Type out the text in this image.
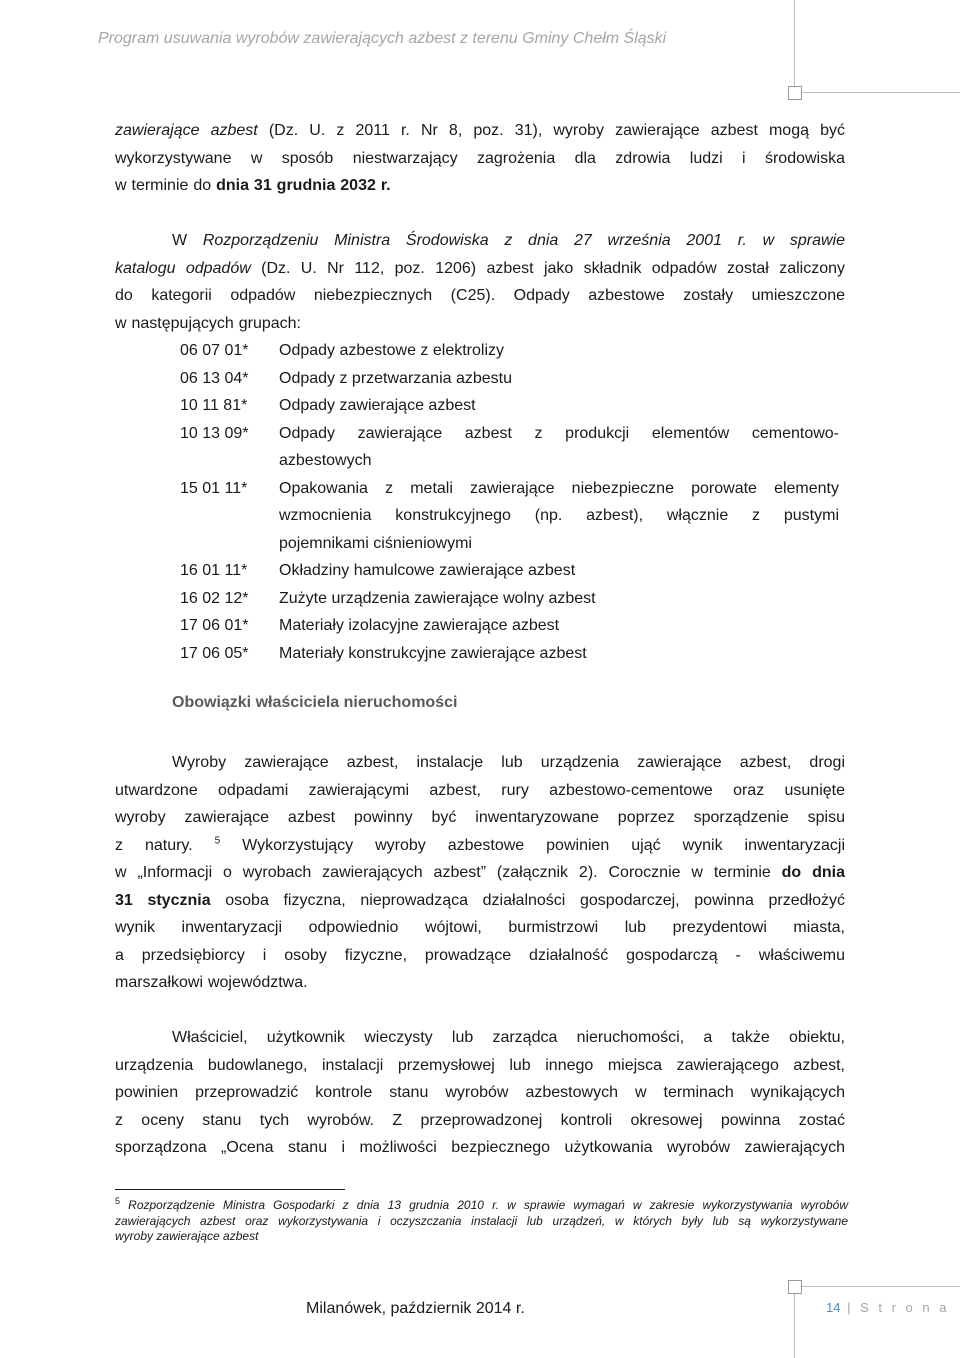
Program usuwania wyrobów zawierających azbest z terenu Gminy Chełm Śląski
zawierające azbest (Dz. U. z 2011 r. Nr 8, poz. 31), wyroby zawierające azbest mogą być
wykorzystywane w sposób niestwarzający zagrożenia dla zdrowia ludzi i środowiska
w terminie do dnia 31 grudnia 2032 r.
W Rozporządzeniu Ministra Środowiska z dnia 27 września 2001 r. w sprawie
katalogu odpadów (Dz. U. Nr 112, poz. 1206) azbest jako składnik odpadów został zaliczony
do kategorii odpadów niebezpiecznych (C25). Odpady azbestowe zostały umieszczone
w następujących grupach:
06 07 01* Odpady azbestowe z elektrolizy
06 13 04* Odpady z przetwarzania azbestu
10 11 81* Odpady zawierające azbest
10 13 09* Odpady zawierające azbest z produkcji elementów cementowo-
azbestowych
15 01 11* Opakowania z metali zawierające niebezpieczne porowate elementy
wzmocnienia konstrukcyjnego (np. azbest), włącznie z pustymi
pojemnikami ciśnieniowymi
16 01 11* Okładziny hamulcowe zawierające azbest
16 02 12* Zużyte urządzenia zawierające wolny azbest
17 06 01* Materiały izolacyjne zawierające azbest
17 06 05* Materiały konstrukcyjne zawierające azbest
Obowiązki właściciela nieruchomości
Wyroby zawierające azbest, instalacje lub urządzenia zawierające azbest, drogi
utwardzone odpadami zawierającymi azbest, rury azbestowo-cementowe oraz usunięte
wyroby zawierające azbest powinny być inwentaryzowane poprzez sporządzenie spisu
z natury. $^5$ Wykorzystujący wyroby azbestowe powinien ująć wynik inwentaryzacji
w „Informacji o wyrobach zawierających azbest” (załącznik 2). Corocznie w terminie do dnia
31 stycznia osoba fizyczna, nieprowadząca działalności gospodarczej, powinna przedłożyć
wynik inwentaryzacji odpowiednio wójtowi, burmistrzowi lub prezydentowi miasta,
a przedsiębiorcy i osoby fizyczne, prowadzące działalność gospodarczą - właściwemu
marszałkowi województwa.
Właściciel, użytkownik wieczysty lub zarządca nieruchomości, a także obiektu,
urządzenia budowlanego, instalacji przemysłowej lub innego miejsca zawierającego azbest,
powinien przeprowadzić kontrole stanu wyrobów azbestowych w terminach wynikających
z oceny stanu tych wyrobów. Z przeprowadzonej kontroli okresowej powinna zostać
sporządzona „Ocena stanu i możliwości bezpiecznego użytkowania wyrobów zawierających
$^5$ Rozporządzenie Ministra Gospodarki z dnia 13 grudnia 2010 r. w sprawie wymagań w zakresie wykorzystywania wyrobów
zawierających azbest oraz wykorzystywania i oczyszczania instalacji lub urządzeń, w których były lub są wykorzystywane
wyroby zawierające azbest
Milanówek, październik 2014 r.	14 | S t r o n a
